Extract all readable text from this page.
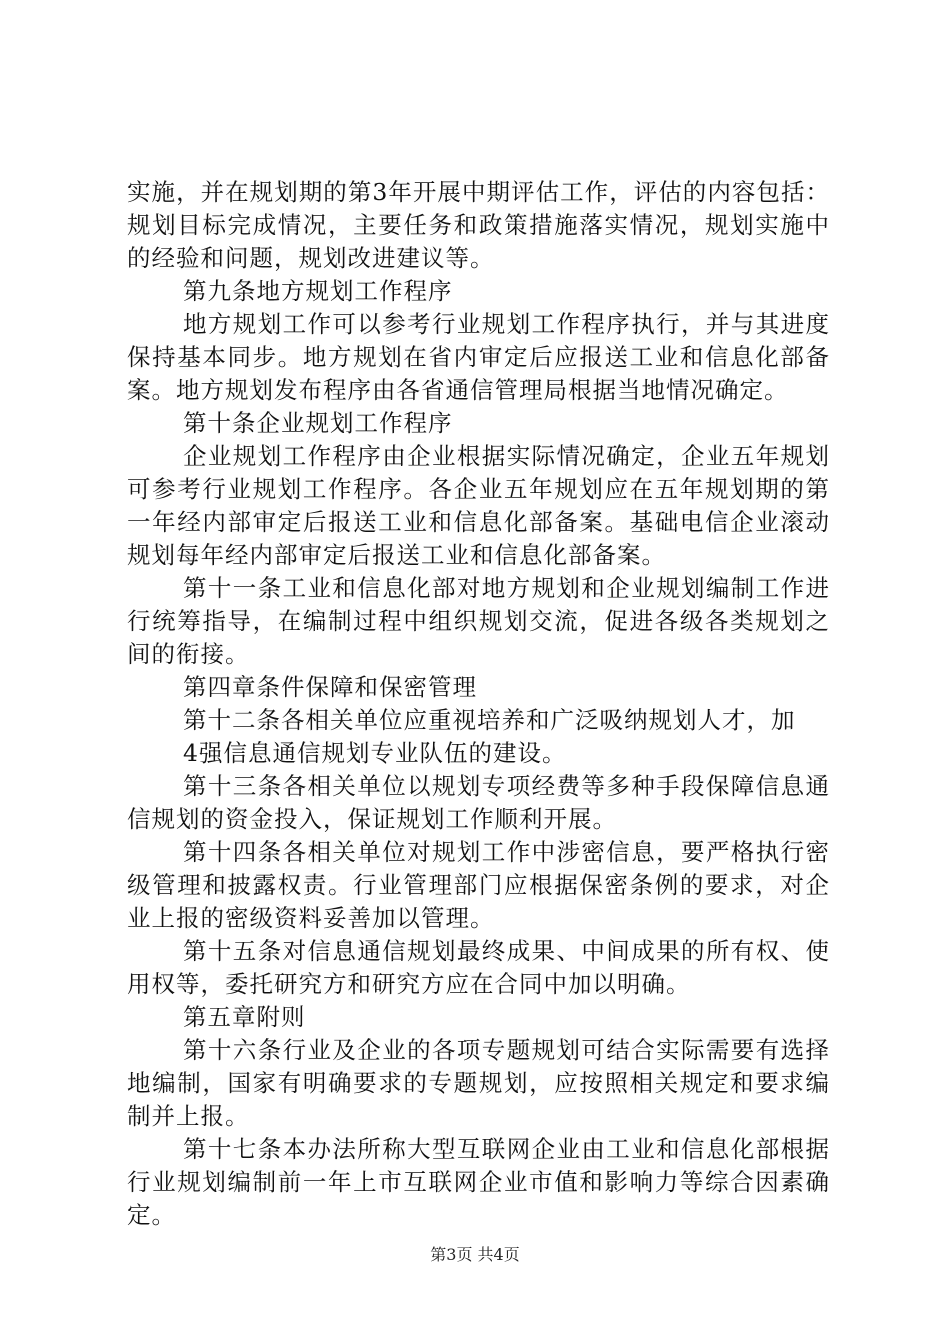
实施，并在规划期的第3年开展中期评估工作，评估的内容包括：规划目标完成情况，主要任务和政策措施落实情况，规划实施中的经验和问题，规划改进建议等。

第九条地方规划工作程序

地方规划工作可以参考行业规划工作程序执行，并与其进度保持基本同步。地方规划在省内审定后应报送工业和信息化部备案。地方规划发布程序由各省通信管理局根据当地情况确定。

第十条企业规划工作程序

企业规划工作程序由企业根据实际情况确定，企业五年规划可参考行业规划工作程序。各企业五年规划应在五年规划期的第一年经内部审定后报送工业和信息化部备案。基础电信企业滚动规划每年经内部审定后报送工业和信息化部备案。

第十一条工业和信息化部对地方规划和企业规划编制工作进行统筹指导，在编制过程中组织规划交流，促进各级各类规划之间的衔接。

第四章条件保障和保密管理

第十二条各相关单位应重视培养和广泛吸纳规划人才，加

4强信息通信规划专业队伍的建设。

第十三条各相关单位以规划专项经费等多种手段保障信息通信规划的资金投入，保证规划工作顺利开展。

第十四条各相关单位对规划工作中涉密信息，要严格执行密级管理和披露权责。行业管理部门应根据保密条例的要求，对企业上报的密级资料妥善加以管理。

第十五条对信息通信规划最终成果、中间成果的所有权、使用权等，委托研究方和研究方应在合同中加以明确。

第五章附则

第十六条行业及企业的各项专题规划可结合实际需要有选择地编制，国家有明确要求的专题规划，应按照相关规定和要求编制并上报。

第十七条本办法所称大型互联网企业由工业和信息化部根据行业规划编制前一年上市互联网企业市值和影响力等综合因素确定。

第3页 共4页
